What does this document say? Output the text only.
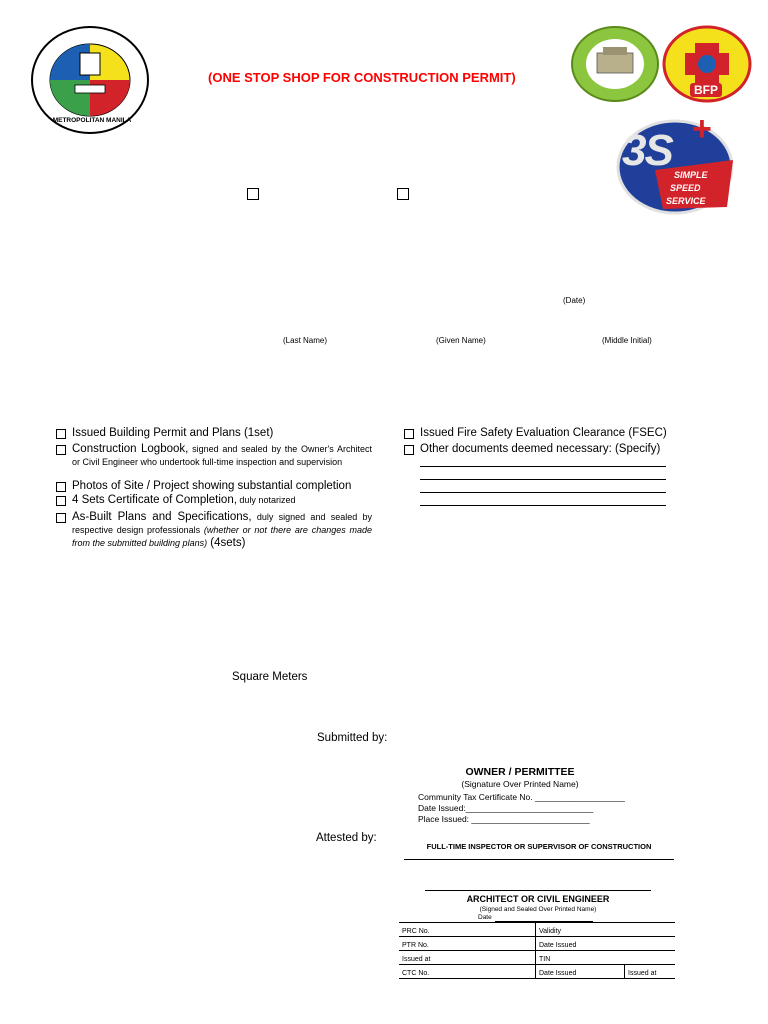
METROPOLITAN MANILA
(ONE STOP SHOP FOR CONSTRUCTION PERMIT)
BFP
3S +
SIMPLE
SPEED
SERVICE
(Date)
(Last Name)	(Given Name)	(Middle Initial)
Issued Building Permit and Plans (1set)
Construction Logbook, signed and sealed by the Owner's Architect or Civil Engineer who undertook full-time inspection and supervision
Photos of Site / Project showing substantial completion
4 Sets Certificate of Completion, duly notarized
As-Built Plans and Specifications, duly signed and sealed by respective design professionals (whether or not there are changes made from the submitted building plans) (4sets)
Issued Fire Safety Evaluation Clearance (FSEC)
Other documents deemed necessary: (Specify)
Square Meters
Submitted by:
OWNER / PERMITTEE
(Signature Over Printed Name)
Community Tax Certificate No. ___________________
Date Issued:___________________________
Place Issued: _________________________
Attested by:
FULL-TIME INSPECTOR OR SUPERVISOR OF CONSTRUCTION
ARCHITECT OR CIVIL ENGINEER
(Signed and Sealed Over Printed Name)
Date
PRC No.	Validity	
PTR No.	Date Issued	
Issued at	TIN	
CTC No.	Date Issued	Issued at
